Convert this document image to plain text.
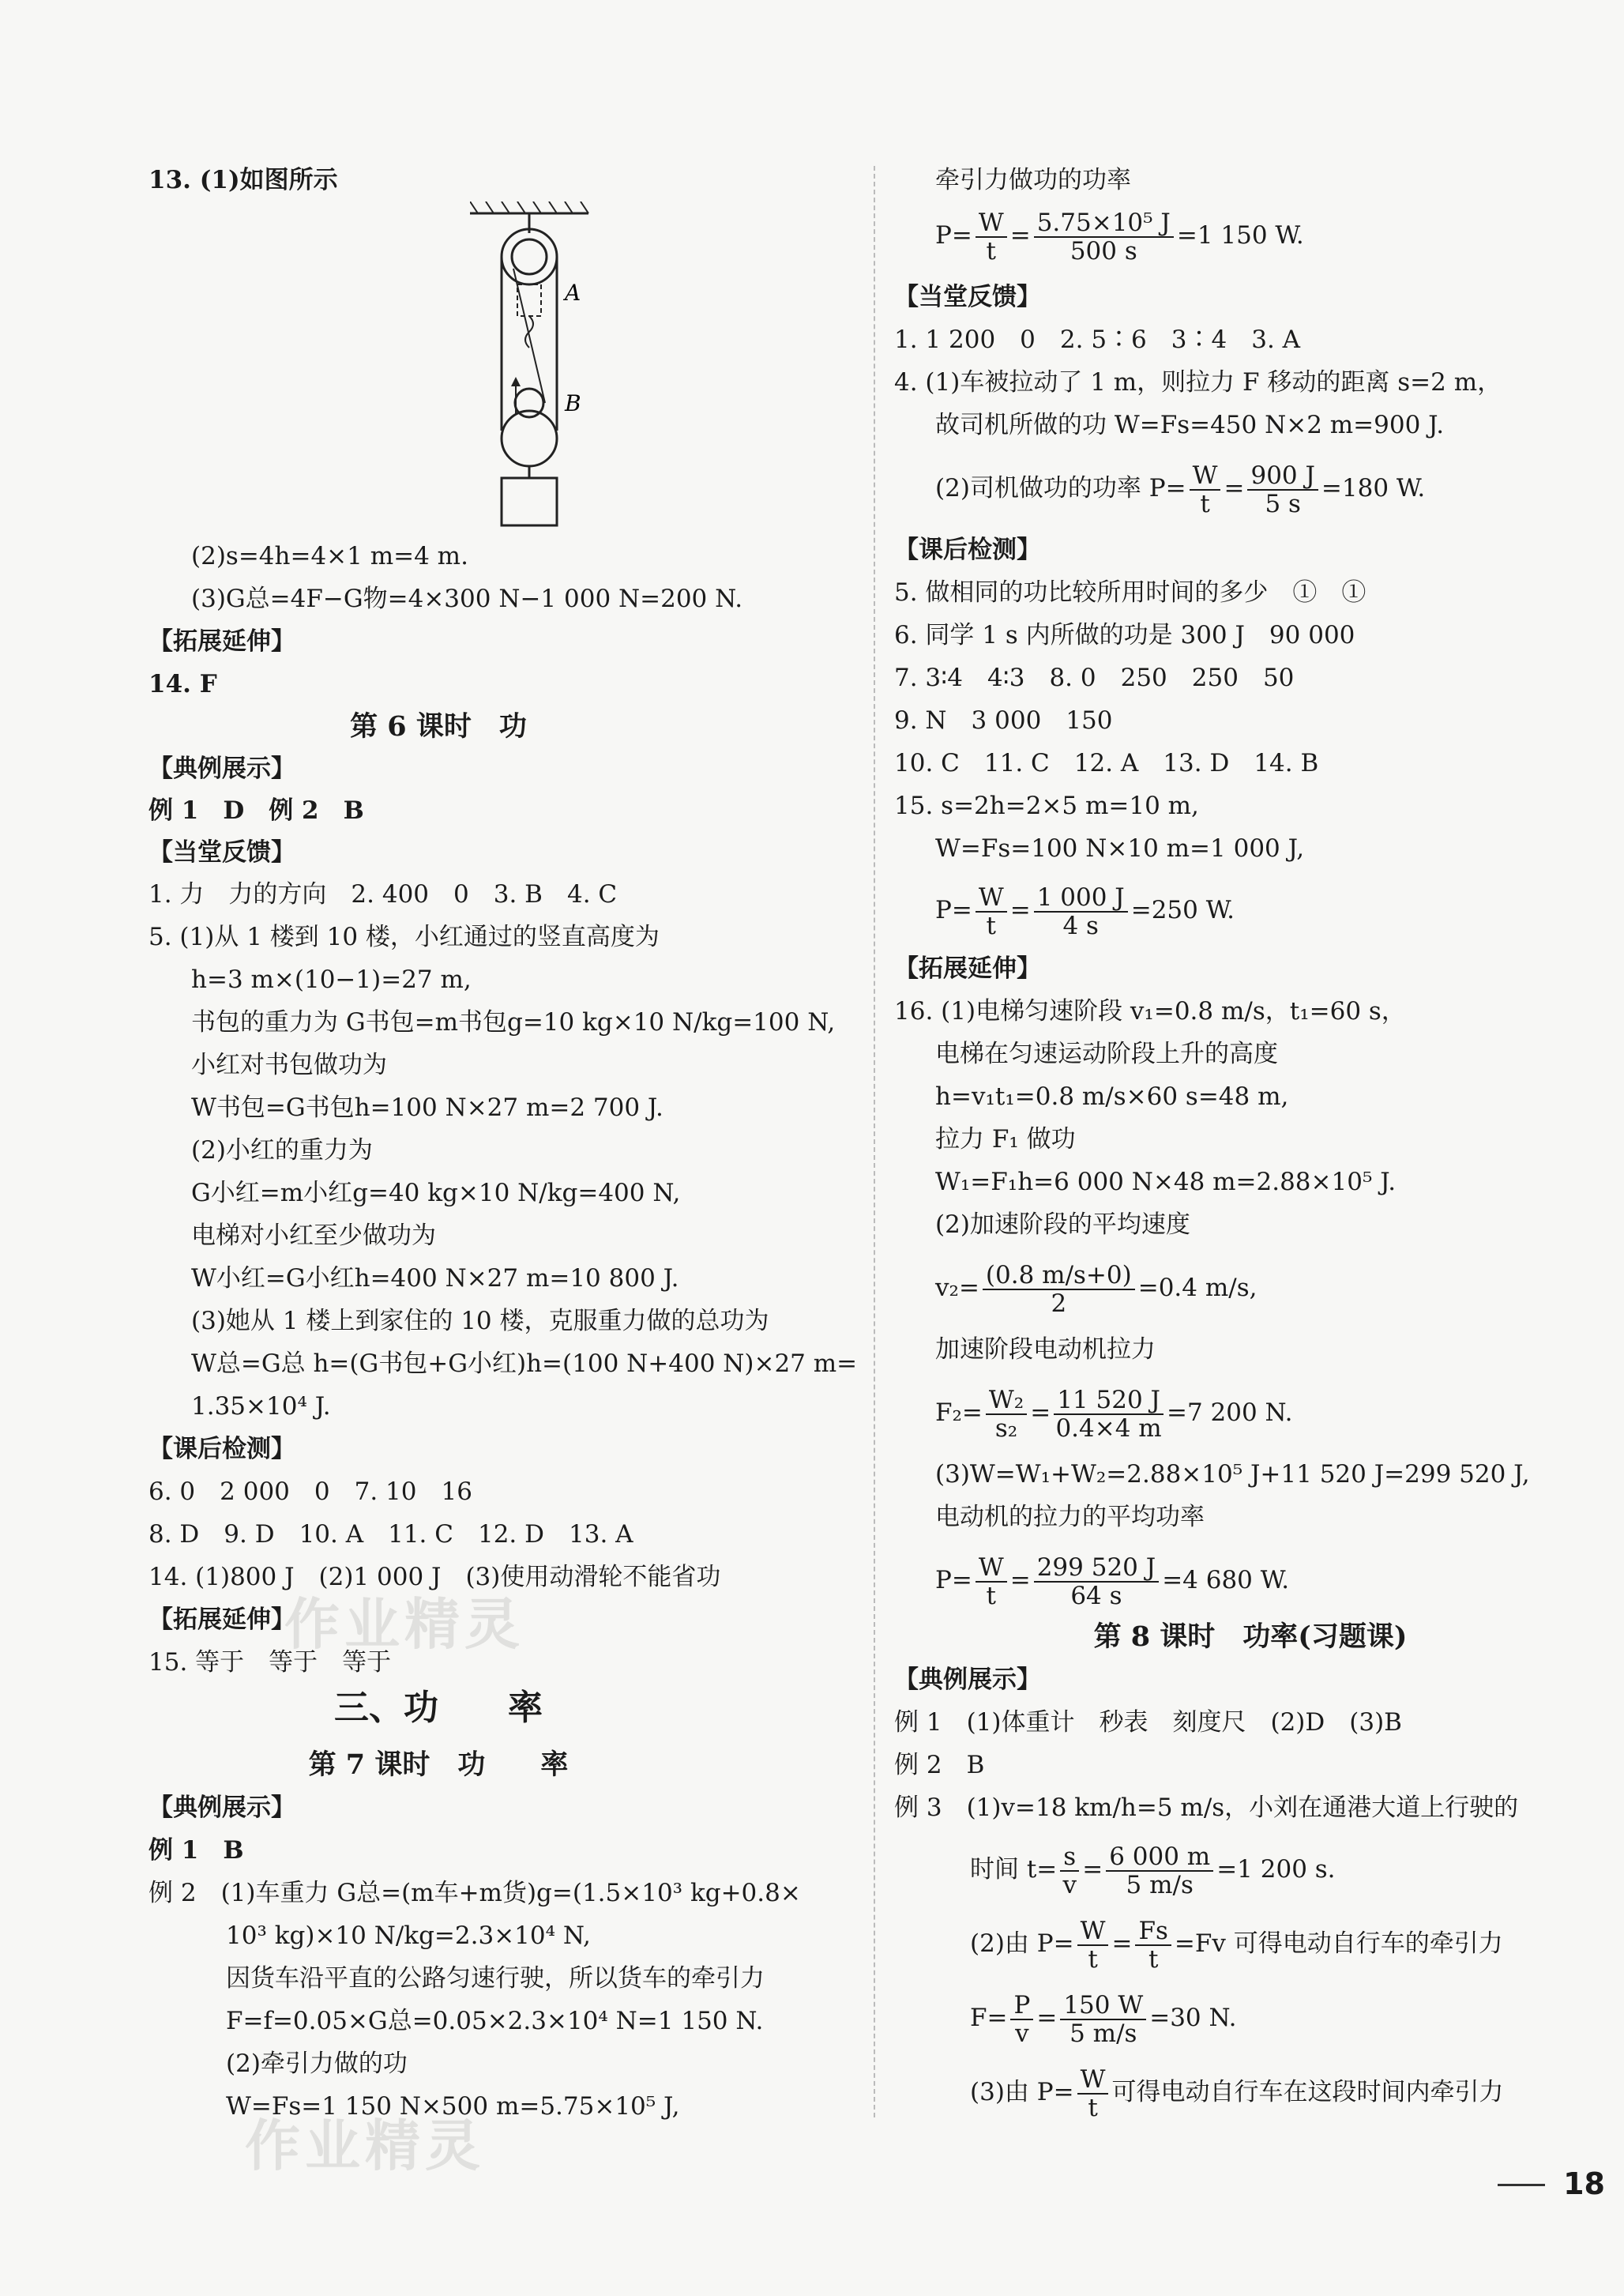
作业精灵
作业精灵
13. (1)如图所示
A
B
(2)s=4h=4×1 m=4 m.
(3)G总=4F−G物=4×300 N−1 000 N=200 N.
【拓展延伸】
14. F
第 6 课时　功
【典例展示】
例 1　D　例 2　B
【当堂反馈】
1. 力　力的方向　2. 400　0　3. B　4. C
5. (1)从 1 楼到 10 楼，小红通过的竖直高度为
h=3 m×(10−1)=27 m,
书包的重力为 G书包=m书包g=10 kg×10 N/kg=100 N,
小红对书包做功为
W书包=G书包h=100 N×27 m=2 700 J.
(2)小红的重力为
G小红=m小红g=40 kg×10 N/kg=400 N,
电梯对小红至少做功为
W小红=G小红h=400 N×27 m=10 800 J.
(3)她从 1 楼上到家住的 10 楼，克服重力做的总功为
W总=G总 h=(G书包+G小红)h=(100 N+400 N)×27 m=
1.35×10⁴ J.
【课后检测】
6. 0　2 000　0　7. 10　16
8. D　9. D　10. A　11. C　12. D　13. A
14. (1)800 J　(2)1 000 J　(3)使用动滑轮不能省功
【拓展延伸】
15. 等于　等于　等于
三、功　　率
第 7 课时　功　　率
【典例展示】
例 1　B
例 2　(1)车重力 G总=(m车+m货)g=(1.5×10³ kg+0.8×
10³ kg)×10 N/kg=2.3×10⁴ N,
因货车沿平直的公路匀速行驶，所以货车的牵引力
F=f=0.05×G总=0.05×2.3×10⁴ N=1 150 N.
(2)牵引力做的功
W=Fs=1 150 N×500 m=5.75×10⁵ J,
牵引力做功的功率
$P= \frac{W}{t} = \frac{\text{5.75×10⁵ J}}{500 s} =1$ 150 W.
【当堂反馈】
1. 1 200　0　2. 5∶6　3∶4　3. A
4. (1)车被拉动了 1 m，则拉力 F 移动的距离 s=2 m，
故司机所做的功 W=Fs=450 N×2 m=900 J.
(2)司机做功的功率 $P= \frac{W}{t} = \frac{900 J}{5 s} =180$ W.
【课后检测】
5. 做相同的功比较所用时间的多少　①　①
6. 同学 1 s 内所做的功是 300 J　90 000
7. 3∶4　4∶3　8. 0　250　250　50
9. N　3 000　150
10. C　11. C　12. A　13. D　14. B
15. s=2h=2×5 m=10 m,
W=Fs=100 N×10 m=1 000 J,
$P= \frac{W}{t} = \frac{1 000 J}{4 s} =250$ W.
【拓展延伸】
16. (1)电梯匀速阶段 v₁=0.8 m/s，t₁=60 s，
电梯在匀速运动阶段上升的高度
h=v₁t₁=0.8 m/s×60 s=48 m,
拉力 F₁ 做功
W₁=F₁h=6 000 N×48 m=2.88×10⁵ J.
(2)加速阶段的平均速度
$v_2= \frac{(0.8 m/s+0)}{2} =0.4$ m/s,
加速阶段电动机拉力
$F_2= \frac{\text{W₂}}{\text{s₂}} = \frac{11 520 J}{0.4\times 4 m} =7$ 200 N.
(3)W=W₁+W₂=2.88×10⁵ J+11 520 J=299 520 J,
电动机的拉力的平均功率
$P= \frac{W}{t} = \frac{299 520 J}{64 s} =4$ 680 W.
第 8 课时　功率(习题课)
【典例展示】
例 1　(1)体重计　秒表　刻度尺　(2)D　(3)B
例 2　B
例 3　(1)v=18 km/h=5 m/s，小刘在通港大道上行驶的
时间 $t= \frac{s}{v} = \frac{6 000 m}{5 m/s} =1$ 200 s.
(2)由 $P= \frac{W}{t} = \frac{Fs}{t} =Fv$ 可得电动自行车的牵引力
$F= \frac{P}{v} = \frac{150 W}{5 m/s} =30$ N.
(3)由 $P= \frac{W}{t}$ 可得电动自行车在这段时间内牵引力
18
